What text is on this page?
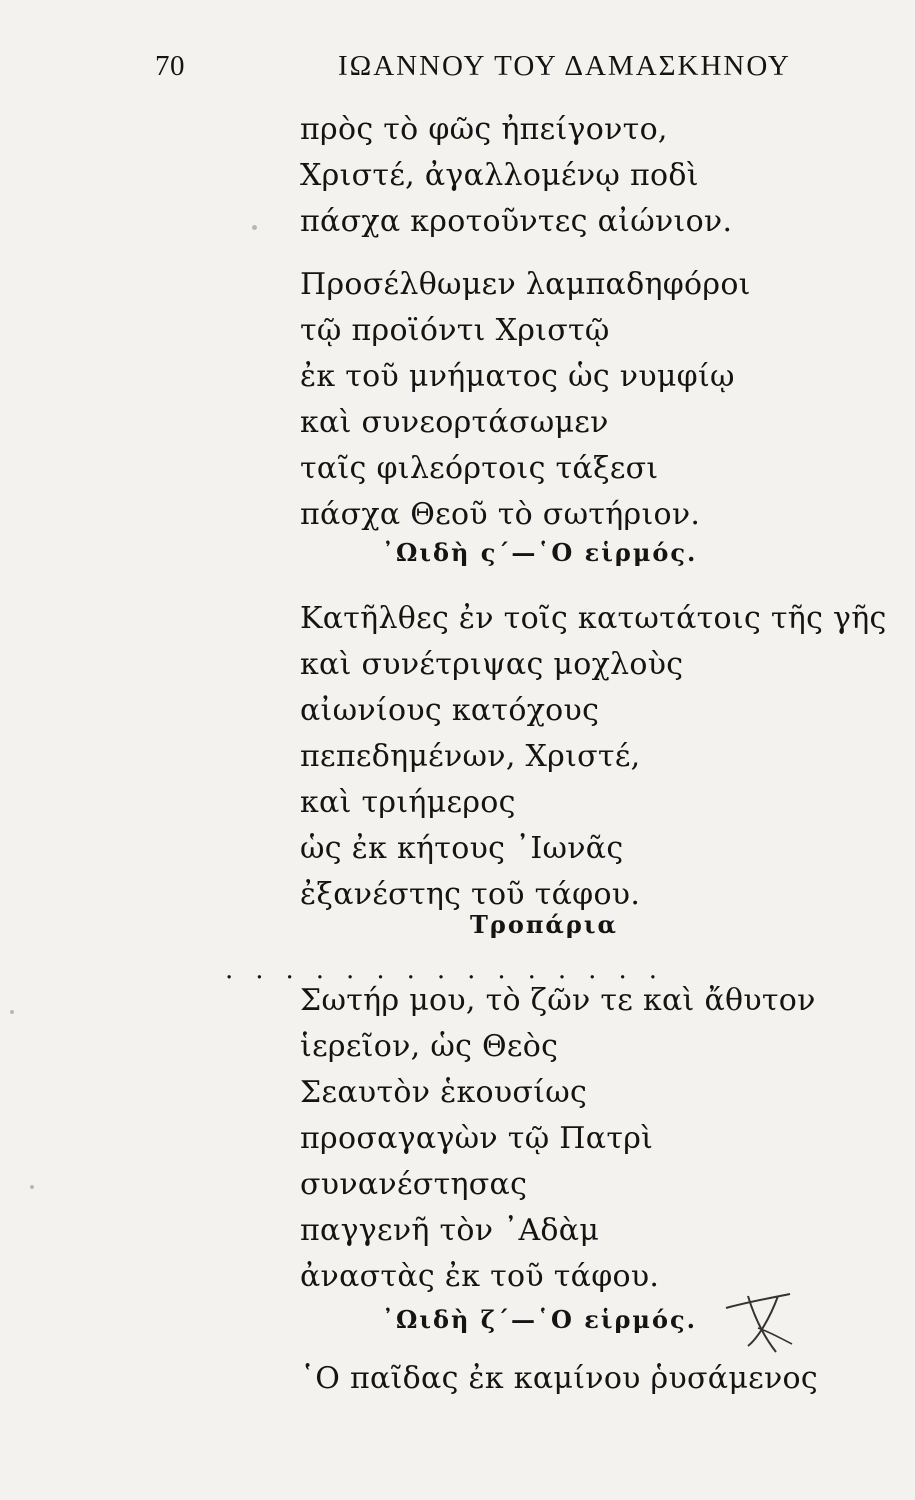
70	ΙΩΑΝΝΟΥ ΤΟΥ ΔΑΜΑΣΚΗΝΟΥ
πρὸς τὸ φῶς ἠπείγοντο,
Χριστέ, ἀγαλλομένῳ ποδὶ
πάσχα κροτοῦντες αἰώνιον.
Προσέλθωμεν λαμπαδηφόροι
τῷ προϊόντι Χριστῷ
ἐκ τοῦ μνήματος ὡς νυμφίῳ
καὶ συνεορτάσωμεν
ταῖς φιλεόρτοις τάξεσι
πάσχα Θεοῦ τὸ σωτήριον.
᾿Ωιδὴ ς΄—῾Ο εἱρμός.
Κατῆλθες ἐν τοῖς κατωτάτοις τῆς γῆς
καὶ συνέτριψας μοχλοὺς
αἰωνίους κατόχους
πεπεδημένων, Χριστέ,
καὶ τριήμερος
ὡς ἐκ κήτους ᾿Ιωνᾶς
ἐξανέστης τοῦ τάφου.
Τροπάρια
...............
Σωτήρ μου, τὸ ζῶν τε καὶ ἄθυτον
ἱερεῖον, ὡς Θεὸς
Σεαυτὸν ἑκουσίως
προσαγαγὼν τῷ Πατρὶ
συνανέστησας
παγγενῆ τὸν ᾿Αδὰμ
ἀναστὰς ἐκ τοῦ τάφου.
᾿Ωιδὴ ζ΄—῾Ο εἱρμός.
῾Ο παῖδας ἐκ καμίνου ῥυσάμενος
